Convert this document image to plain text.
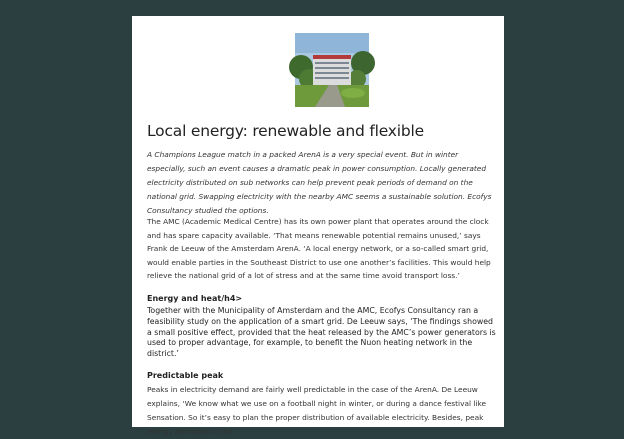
Local energy: renewable and flexible

A Champions League match in a packed ArenA is a very special event. But in winter especially, such an event causes a dramatic peak in power consumption. Locally generated electricity distributed on sub networks can help prevent peak periods of demand on the national grid. Swapping electricity with the nearby AMC seems a sustainable solution. Ecofys Consultancy studied the options.

The AMC (Academic Medical Centre) has its own power plant that operates around the clock and has spare capacity available. ‘That means renewable potential remains unused,’ says Frank de Leeuw of the Amsterdam ArenA. ‘A local energy network, or a so-called smart grid, would enable parties in the Southeast District to use one another’s facilities. This would help relieve the national grid of a lot of stress and at the same time avoid transport loss.’

Energy and heat/h4>

Together with the Municipality of Amsterdam and the AMC, Ecofys Consultancy ran a feasibility study on the application of a smart grid. De Leeuw says, ‘The findings showed a small positive effect, provided that the heat released by the AMC’s power generators is used to proper advantage, for example, to benefit the Nuon heating network in the district.’

Predictable peak

Peaks in electricity demand are fairly well predictable in the case of the ArenA. De Leeuw explains, ‘We know what we use on a football night in winter, or during a dance festival like Sensation. So it’s easy to plan the proper distribution of available electricity. Besides, peak energy demands in the
